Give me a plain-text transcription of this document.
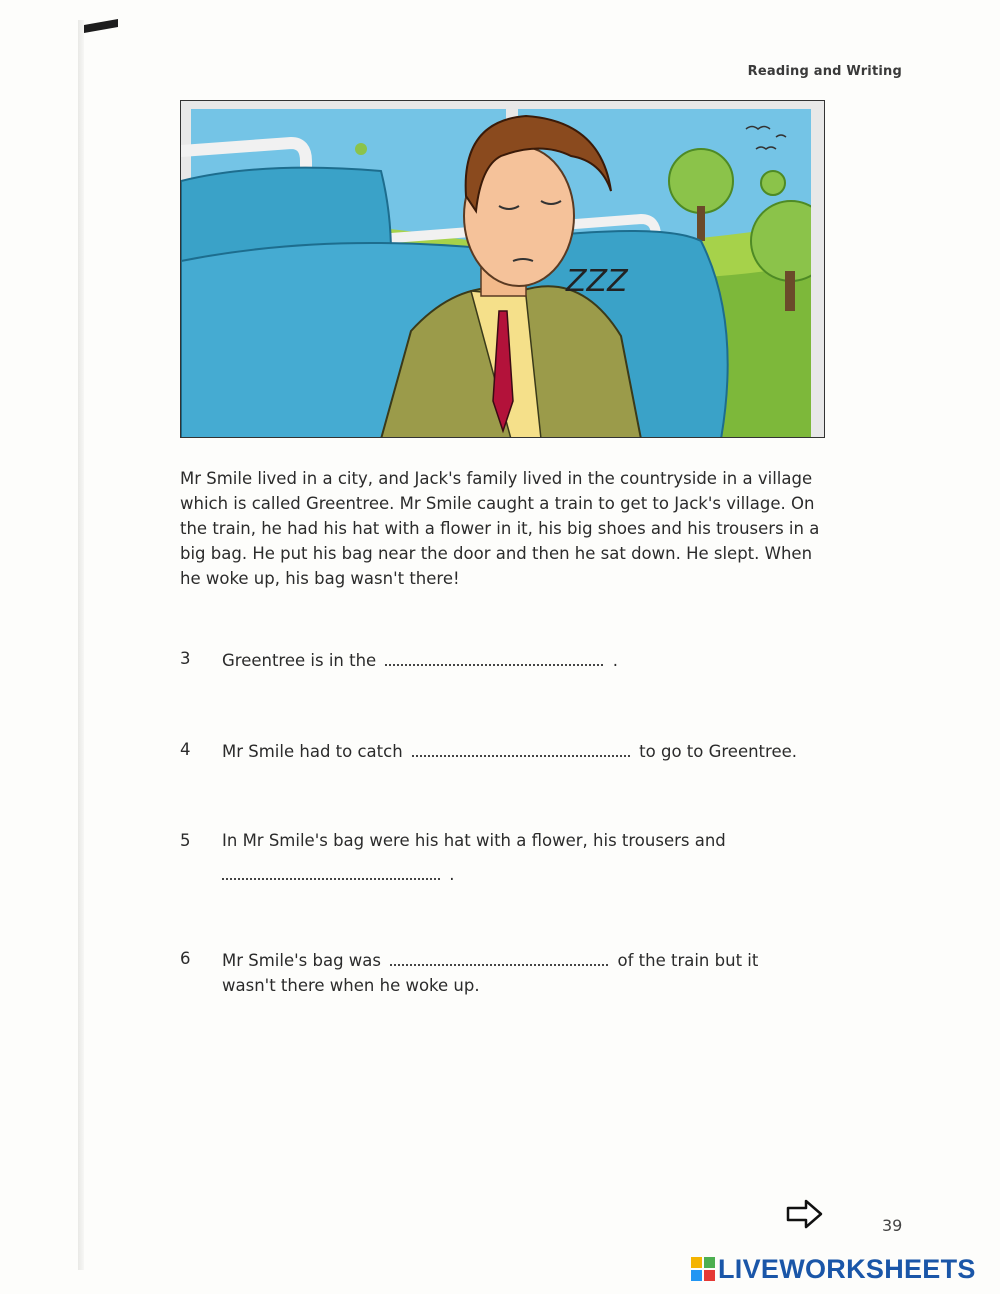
Reading and Writing
ZZZ
Mr Smile lived in a city, and Jack's family lived in the countryside in a village which is called Greentree. Mr Smile caught a train to get to Jack's village. On the train, he had his hat with a flower in it, his big shoes and his trousers in a big bag. He put his bag near the door and then he sat down. He slept. When he woke up, his bag wasn't there!
3	Greentree is in the	.
4	Mr Smile had to catch	to go to Greentree.
5	In Mr Smile's bag were his hat with a flower, his trousers and
.
6	Mr Smile's bag was	of the train but it
wasn't there when he woke up.
39
LIVEWORKSHEETS
